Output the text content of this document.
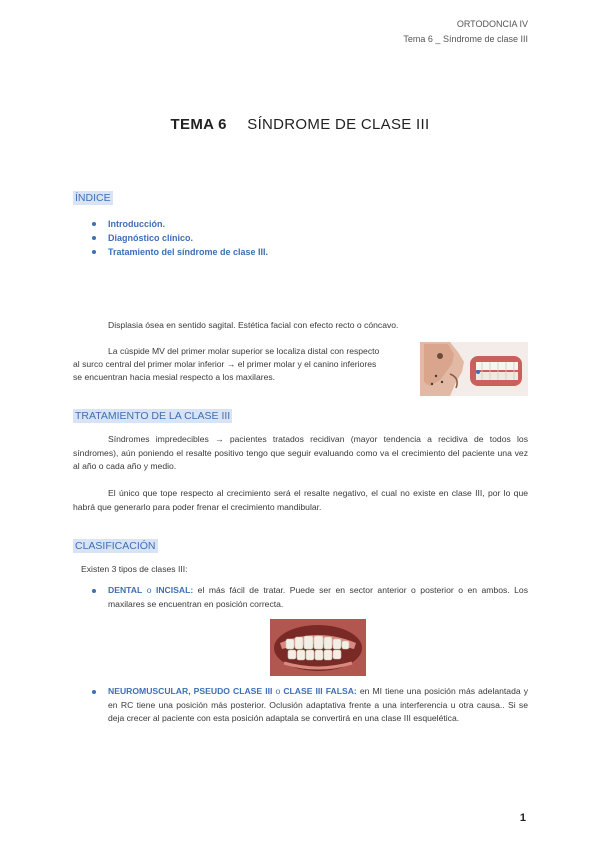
ORTODONCIA IV
Tema 6 _ Síndrome de clase III
TEMA 6 SÍNDROME DE CLASE III
ÍNDICE
Introducción.
Diagnóstico clínico.
Tratamiento del síndrome de clase III.
Displasia ósea en sentido sagital. Estética facial con efecto recto o cóncavo.
La cúspide MV del primer molar superior se localiza distal con respecto
al surco central del primer molar inferior → el primer molar y el canino inferiores
se encuentran hacia mesial respecto a los maxilares.
TRATAMIENTO DE LA CLASE III
Síndromes impredecibles → pacientes tratados recidivan (mayor tendencia a recidiva de todos los síndromes), aún poniendo el resalte positivo tengo que seguir evaluando como va el crecimiento del paciente una vez al año o cada año y medio.
El único que tope respecto al crecimiento será el resalte negativo, el cual no existe en clase III, por lo que habrá que generarlo para poder frenar el crecimiento mandibular.
CLASIFICACIÓN
Existen 3 tipos de clases III:
DENTAL o INCISAL: el más fácil de tratar. Puede ser en sector anterior o posterior o en ambos. Los maxilares se encuentran en posición correcta.
NEUROMUSCULAR, PSEUDO CLASE III o CLASE III FALSA: en MI tiene una posición más adelantada y en RC tiene una posición más posterior. Oclusión adaptativa frente a una interferencia u otra causa.. Si se deja crecer al paciente con esta posición adaptala se convertirá en una clase III esquelética.
1
